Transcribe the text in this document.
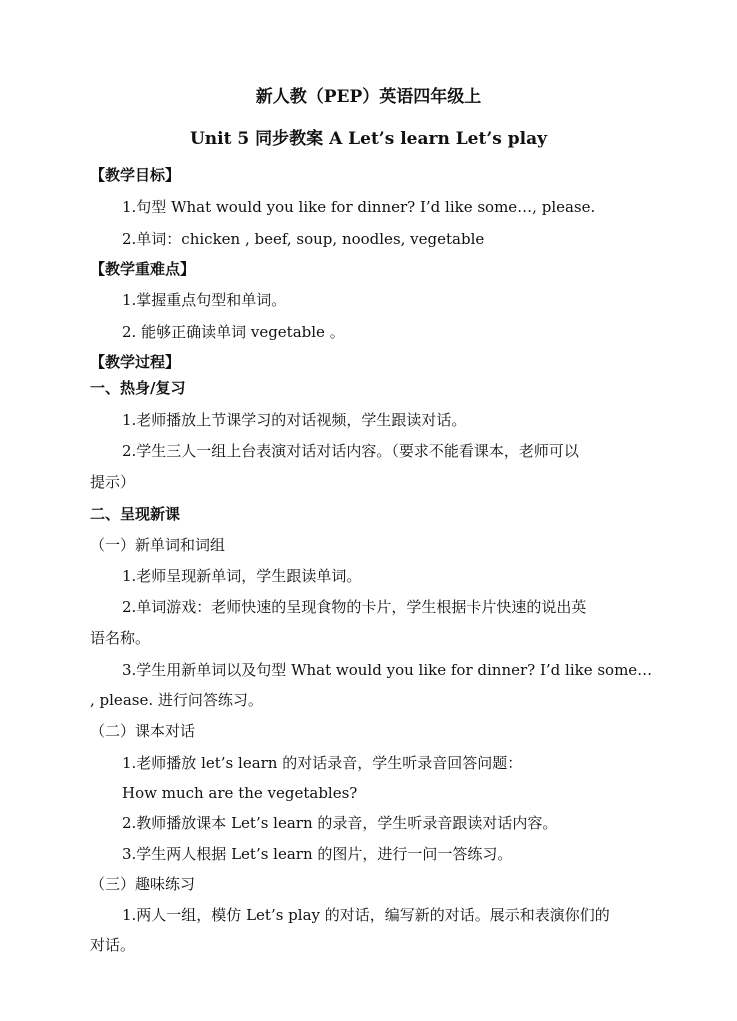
新人教（PEP）英语四年级上
Unit 5 同步教案 A Let’s learn Let’s play
【教学目标】
1.句型 What would you like for dinner? I’d like some…, please.
2.单词：chicken , beef, soup, noodles, vegetable
【教学重难点】
1.掌握重点句型和单词。
2. 能够正确读单词 vegetable 。
【教学过程】
一、热身/复习
1.老师播放上节课学习的对话视频，学生跟读对话。
2.学生三人一组上台表演对话对话内容。（要求不能看课本，老师可以
提示）
二、呈现新课
（一）新单词和词组
1.老师呈现新单词，学生跟读单词。
2.单词游戏：老师快速的呈现食物的卡片，学生根据卡片快速的说出英
语名称。
3.学生用新单词以及句型 What would you like for dinner? I’d like some…
, please. 进行问答练习。
（二）课本对话
1.老师播放 let’s learn 的对话录音，学生听录音回答问题：
How much are the vegetables?
2.教师播放课本 Let’s learn 的录音，学生听录音跟读对话内容。
3.学生两人根据 Let’s learn 的图片，进行一问一答练习。
（三）趣味练习
1.两人一组，模仿 Let’s play 的对话，编写新的对话。展示和表演你们的
对话。
